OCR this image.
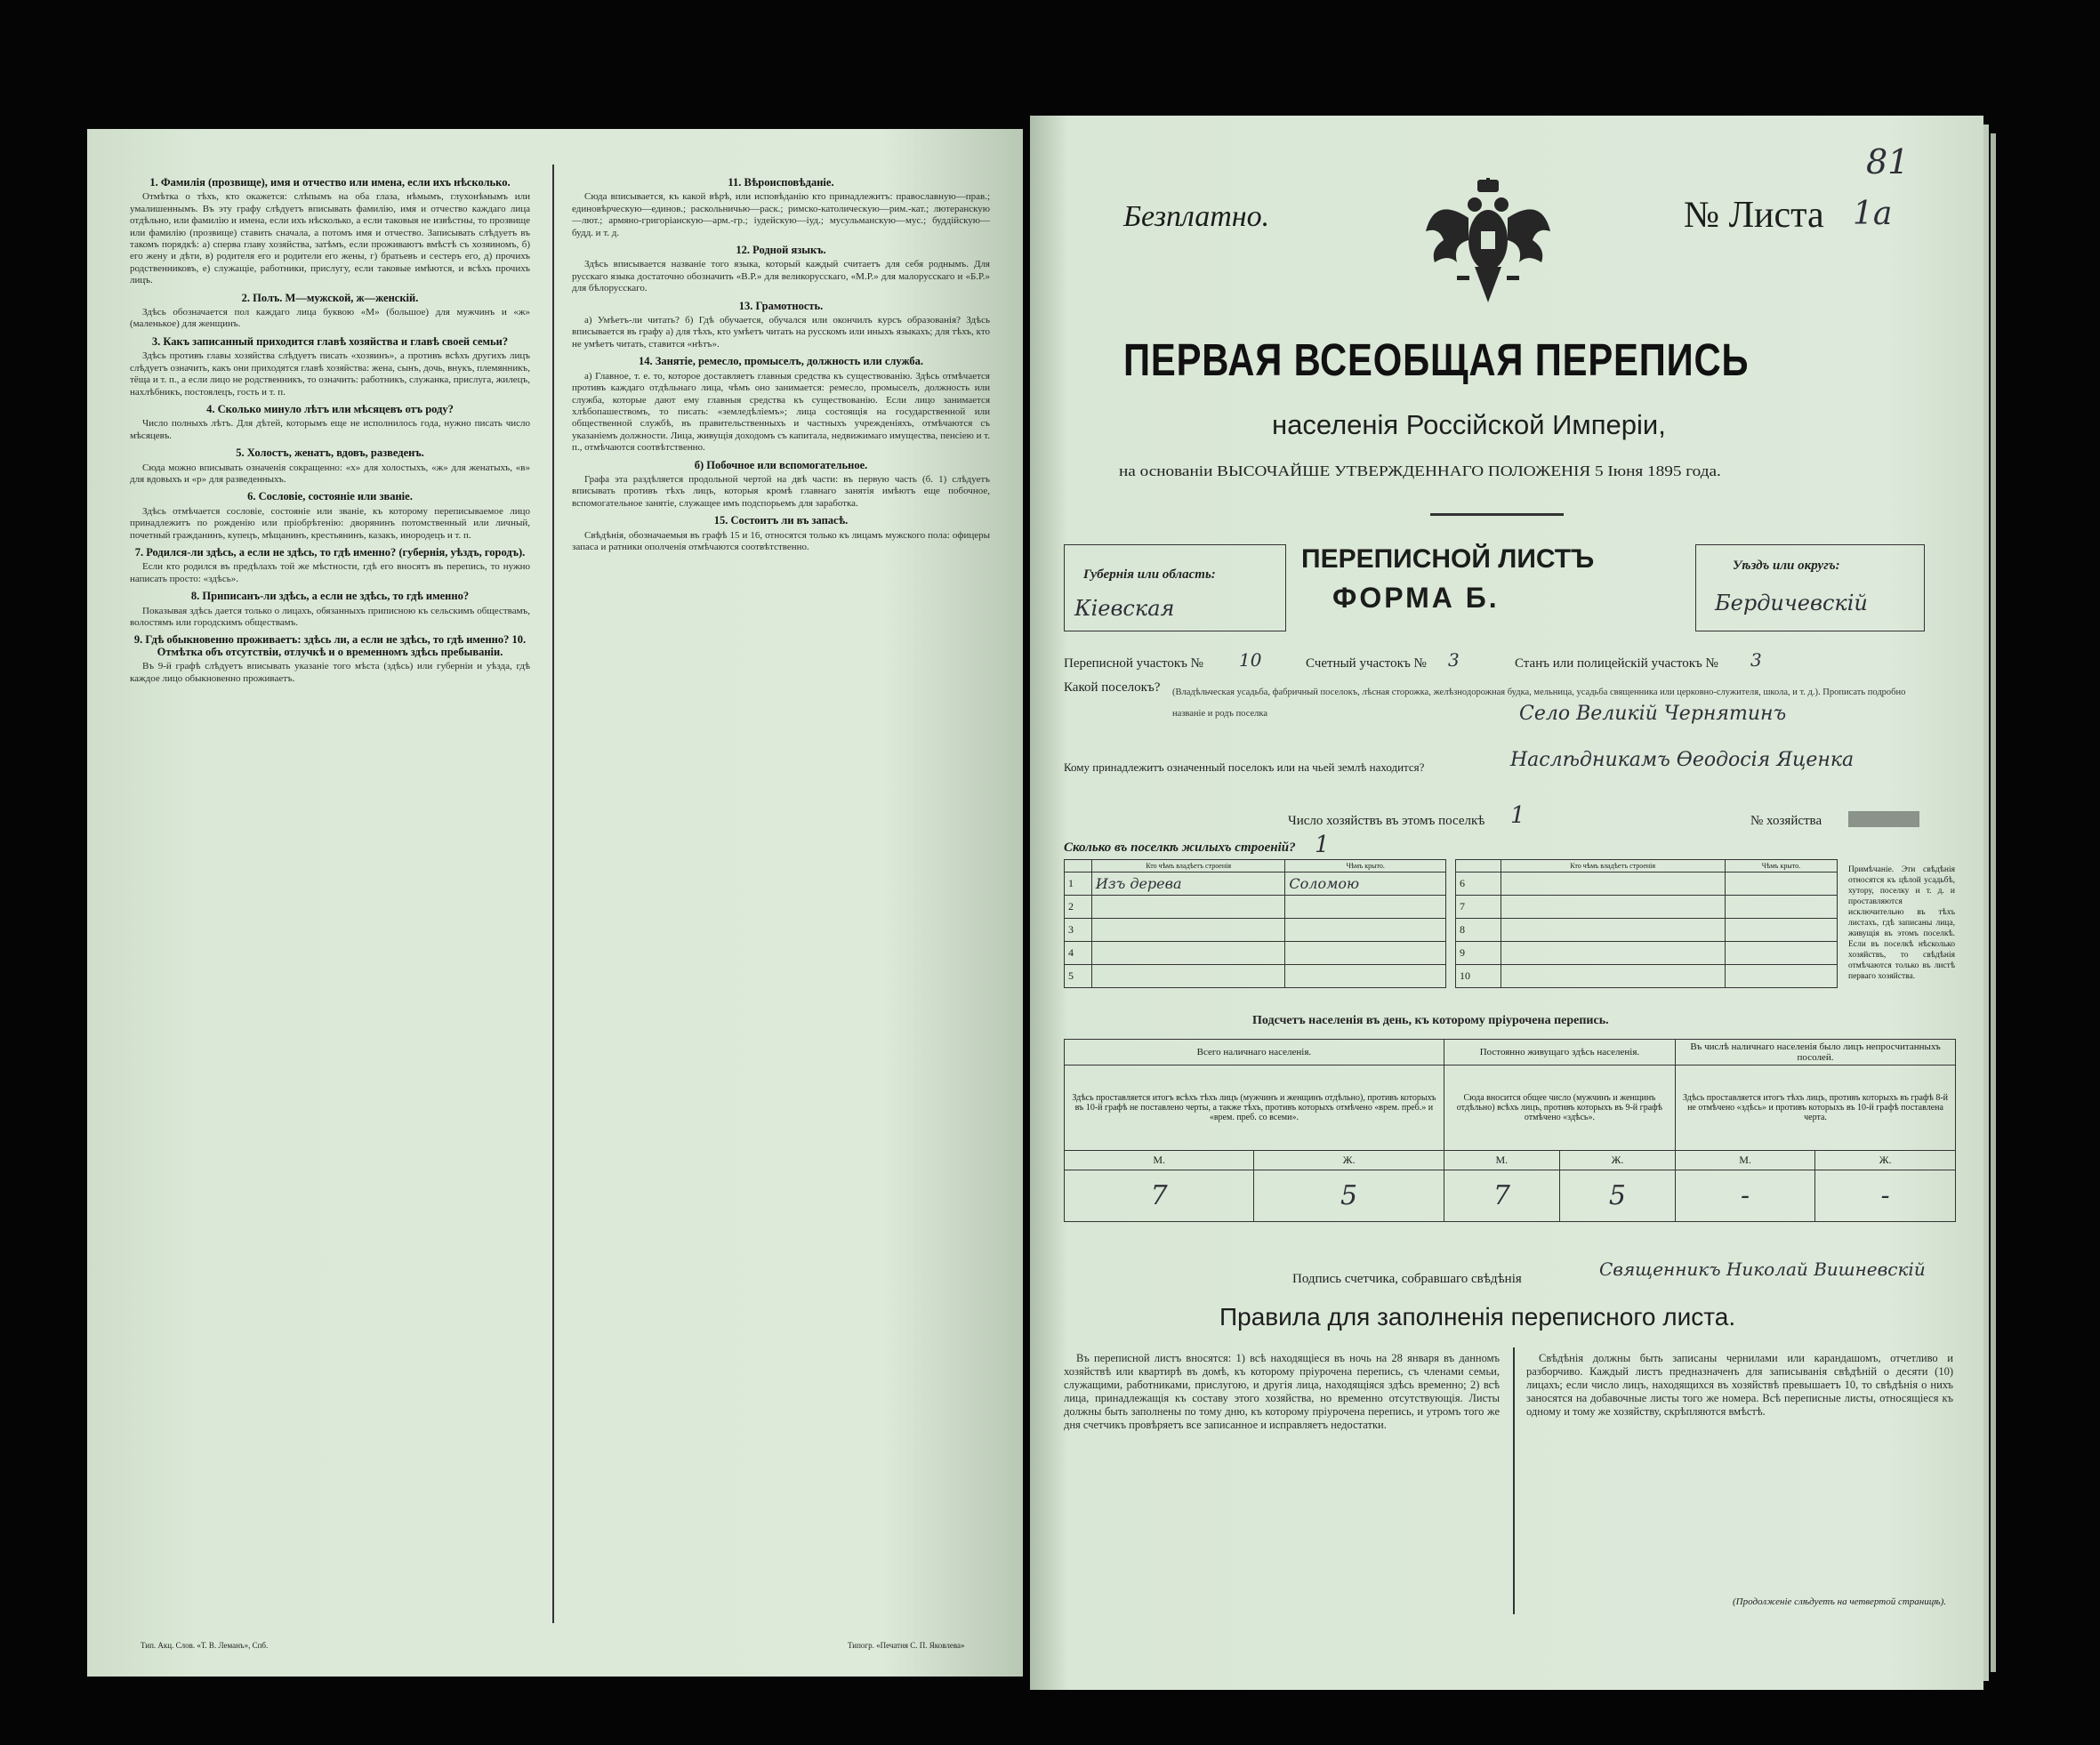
1. Фамилія (прозвище), имя и отчество или имена, если ихъ нѣсколько.

Отмѣтка о тѣхъ, кто окажется: слѣпымъ на оба глаза, нѣмымъ, глухонѣмымъ или умалишеннымъ. Въ эту графу слѣдуетъ вписывать фамилію, имя и отчество каждаго лица отдѣльно, или фамилію и имена, если ихъ нѣсколько, а если таковыя не извѣстны, то прозвище или фамилію (прозвище) ставить сначала, а потомъ имя и отчество. Записывать слѣдуетъ въ такомъ порядкѣ: а) сперва главу хозяйства, затѣмъ, если проживаютъ вмѣстѣ съ хозяиномъ, б) его жену и дѣти, в) родителя его и родители его жены, г) братьевъ и сестеръ его, д) прочихъ родственниковъ, е) служащіе, работники, прислугу, если таковые имѣются, и всѣхъ прочихъ лицъ.

2. Полъ. М—мужской, ж—женскій.

Здѣсь обозначается пол каждаго лица буквою «М» (большое) для мужчинъ и «ж» (маленькое) для женщинъ.

3. Какъ записанный приходится главѣ хозяйства и главѣ своей семьи?

Здѣсь противъ главы хозяйства слѣдуетъ писать «хозяинъ», а противъ всѣхъ другихъ лицъ слѣдуетъ означить, какъ они приходятся главѣ хозяйства: жена, сынъ, дочь, внукъ, племянникъ, тёща и т. п., а если лицо не родственникъ, то означить: работникъ, служанка, прислуга, жилецъ, нахлѣбникъ, постоялецъ, гость и т. п.

4. Сколько минуло лѣтъ или мѣсяцевъ отъ роду?

Число полныхъ лѣтъ. Для дѣтей, которымъ еще не исполнилось года, нужно писать число мѣсяцевъ.

5. Холостъ, женатъ, вдовъ, разведенъ.

Сюда можно вписывать означенія сокращенно: «х» для холостыхъ, «ж» для женатыхъ, «в» для вдовыхъ и «р» для разведенныхъ.

6. Сословіе, состояніе или званіе.

Здѣсь отмѣчается сословіе, состояніе или званіе, къ которому переписываемое лицо принадлежитъ по рожденію или пріобрѣтенію: дворянинъ потомственный или личный, почетный гражданинъ, купецъ, мѣщанинъ, крестьянинъ, казакъ, инородецъ и т. п.

7. Родился-ли здѣсь, а если не здѣсь, то гдѣ именно? (губернія, уѣздъ, городъ).

Если кто родился въ предѣлахъ той же мѣстности, гдѣ его вносятъ въ перепись, то нужно написать просто: «здѣсь».

8. Приписанъ-ли здѣсь, а если не здѣсь, то гдѣ именно?

Показывая здѣсь дается только о лицахъ, обязанныхъ приписною къ сельскимъ обществамъ, волостямъ или городскимъ обществамъ.

9. Гдѣ обыкновенно проживаетъ: здѣсь ли, а если не здѣсь, то гдѣ именно? 10. Отмѣтка объ отсутствіи, отлучкѣ и о временномъ здѣсь пребываніи.

Въ 9-й графѣ слѣдуетъ вписывать указаніе того мѣста (здѣсь) или губерніи и уѣзда, гдѣ каждое лицо обыкновенно проживаетъ.

11. Вѣроисповѣданіе.

Сюда вписывается, къ какой вѣрѣ, или исповѣданію кто принадлежитъ: православную—прав.; единовѣрческую—единов.; раскольничью—раск.; римско-католическую—рим.-кат.; лютеранскую—лют.; армяно-григоріанскую—арм.-гр.; іудейскую—іуд.; мусульманскую—мус.; буддійскую—будд. и т. д.

12. Родной языкъ.

Здѣсь вписывается названіе того языка, который каждый считаетъ для себя роднымъ. Для русскаго языка достаточно обозначить «В.Р.» для великорусскаго, «М.Р.» для малорусскаго и «Б.Р.» для бѣлорусскаго.

13. Грамотность.

а) Умѣетъ-ли читать? б) Гдѣ обучается, обучался или окончилъ курсъ образованія? Здѣсь вписывается въ графу а) для тѣхъ, кто умѣетъ читать на русскомъ или иныхъ языкахъ; для тѣхъ, кто не умѣетъ читать, ставится «нѣтъ».

14. Занятіе, ремесло, промыселъ, должность или служба.

а) Главное, т. е. то, которое доставляетъ главныя средства къ существованію. Здѣсь отмѣчается противъ каждаго отдѣльнаго лица, чѣмъ оно занимается: ремесло, промыселъ, должность или служба, которые дают ему главныя средства къ существованію. Если лицо занимается хлѣбопашествомъ, то писать: «земледѣліемъ»; лица состоящія на государственной или общественной службѣ, въ правительственныхъ и частныхъ учрежденіяхъ, отмѣчаются съ указаніемъ должности. Лица, живущія доходомъ съ капитала, недвижимаго имущества, пенсіею и т. п., отмѣчаются соотвѣтственно.

б) Побочное или вспомогательное.

Графа эта раздѣляется продольной чертой на двѣ части: въ первую часть (б. 1) слѣдуетъ вписывать противъ тѣхъ лицъ, которыя кромѣ главнаго занятія имѣютъ еще побочное, вспомогательное занятіе, служащее имъ подспорьемъ для заработка.

15. Состоитъ ли въ запасѣ.

Свѣдѣнія, обозначаемыя въ графѣ 15 и 16, относятся только къ лицамъ мужского пола: офицеры запаса и ратники ополченія отмѣчаются соотвѣтственно.

Тип. Акц. Слов. «Т. В. Леманъ», Спб.	Типогр. «Печатня С. П. Яковлева»
81
Безплатно.	№ Листа 1а
ПЕРВАЯ ВСЕОБЩАЯ ПЕРЕПИСЬ
населенія Россійской Имперіи,
на основаніи ВЫСОЧАЙШЕ УТВЕРЖДЕННАГО ПОЛОЖЕНІЯ 5 Іюня 1895 года.
Губернія или область:
Кіевская
Уѣздъ или округъ:
Бердичевскій
ПЕРЕПИСНОЙ ЛИСТЪ
ФОРМА Б.
Переписной участокъ № 10	Счетный участокъ № 3	Станъ или полицейскій участокъ № 3
Какой поселокъ? (Владѣльческая усадьба, фабричный поселокъ, лѣсная сторожка, желѣзнодорожная будка, мельница, усадьба священника или церковно-служителя, школа, и т. д.). Прописать подробно названіе и родъ поселка	Село Великій Чернятинъ
Кому принадлежитъ означенный поселокъ или на чьей землѣ находится?	Наслѣдникамъ Ѳеодосія Яценка
Число хозяйствъ въ этомъ поселкѣ 1	№ хозяйства
Сколько въ поселкѣ жилыхъ строеній? 1
	Кто чѣмъ владѣетъ строенія	Чѣмъ крыто.
1	Изъ дерева	Соломою
2		
3		
4		
5		
	Кто чѣмъ владѣетъ строенія	Чѣмъ крыто.
6		
7		
8		
9		
10		
Примѣчаніе. Эти свѣдѣнія относятся къ цѣлой усадьбѣ, хутору, поселку и т. д. и проставляются исключительно въ тѣхъ листахъ, гдѣ записаны лица, живущія въ этомъ поселкѣ. Если въ поселкѣ нѣсколько хозяйствъ, то свѣдѣнія отмѣчаются только въ листѣ перваго хозяйства.
Подсчетъ населенія въ день, къ которому пріурочена перепись.
Всего наличнаго населенія.		Постоянно живущаго здѣсь населенія.		Въ числѣ наличнаго населенія было лицъ непросчитанныхъ посолей.	
Здѣсь проставляется итогъ всѣхъ тѣхъ лицъ (мужчинъ и женщинъ отдѣльно), противъ которыхъ въ 10-й графѣ не поставлено черты, а также тѣхъ, противъ которыхъ отмѣчено «врем. преб.» и «врем. преб. со всеми».		Сюда вносится общее число (мужчинъ и женщинъ отдѣльно) всѣхъ лицъ, противъ которыхъ въ 9-й графѣ отмѣчено «здѣсь».		Здѣсь проставляется итогъ тѣхъ лицъ, противъ которыхъ въ графѣ 8-й не отмѣчено «здѣсь» и противъ которыхъ въ 10-й графѣ поставлена черта.	
М.	Ж.	М.	Ж.	М.	Ж.
7	5	7	5	-	-
Подпись счетчика, собравшаго свѣдѣнія	Священникъ Николай Вишневскій
Правила для заполненія переписного листа.

Въ переписной листъ вносятся: 1) всѣ находящіеся въ ночь на 28 января въ данномъ хозяйствѣ или квартирѣ въ домѣ, къ которому пріурочена перепись, съ членами семьи, служащими, работниками, прислугою, и другія лица, находящіяся здѣсь временно; 2) всѣ лица, принадлежащія къ составу этого хозяйства, но временно отсутствующія. Листы должны быть заполнены по тому дню, къ которому пріурочена перепись, и утромъ того же дня счетчикъ провѣряетъ все записанное и исправляетъ недостатки.

Свѣдѣнія должны быть записаны чернилами или карандашомъ, отчетливо и разборчиво. Каждый листъ предназначенъ для записыванія свѣдѣній о десяти (10) лицахъ; если число лицъ, находящихся въ хозяйствѣ превышаетъ 10, то свѣдѣнія о нихъ заносятся на добавочные листы того же номера. Всѣ переписные листы, относящіеся къ одному и тому же хозяйству, скрѣпляются вмѣстѣ.

(Продолженіе слѣдуетъ на четвертой страницѣ).
